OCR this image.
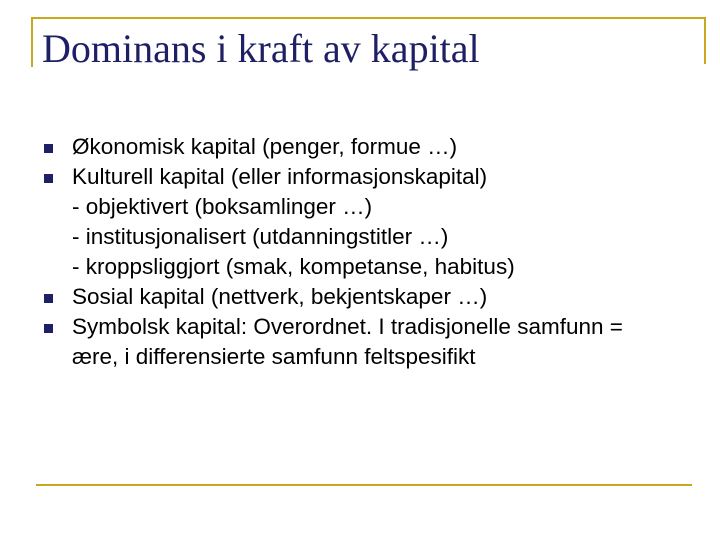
Dominans i kraft av kapital
Økonomisk kapital (penger, formue …)
Kulturell kapital (eller informasjonskapital)
- objektivert (boksamlinger …)
- institusjonalisert (utdanningstitler …)
- kroppsliggjort (smak, kompetanse, habitus)
Sosial kapital (nettverk, bekjentskaper …)
Symbolsk kapital: Overordnet. I tradisjonelle samfunn = ære, i differensierte samfunn feltspesifikt
